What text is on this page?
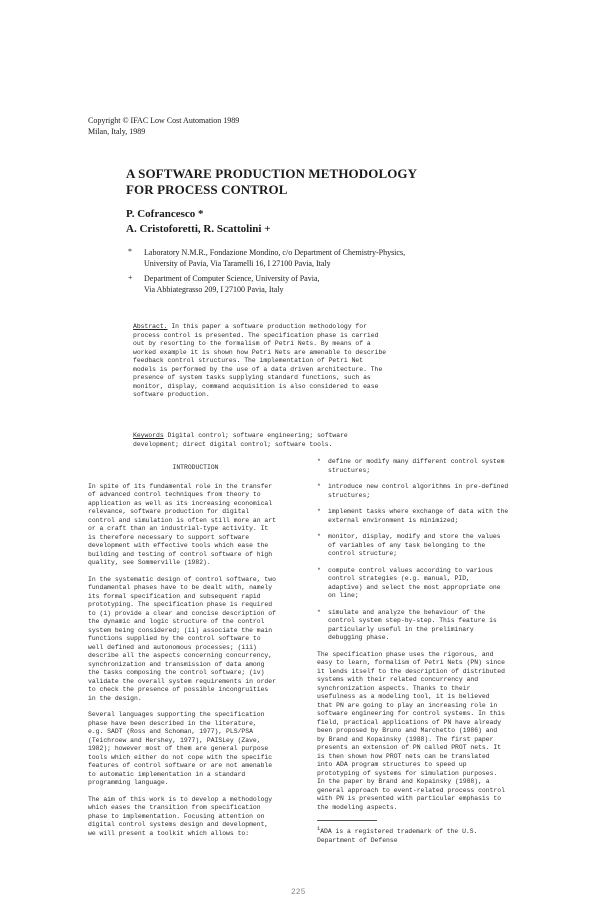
Copyright © IFAC Low Cost Automation 1989
Milan, Italy, 1989
A SOFTWARE PRODUCTION METHODOLOGY
FOR PROCESS CONTROL
P. Cofrancesco *
A. Cristoforetti, R. Scattolini +
* Laboratory N.M.R., Fondazione Mondino, c/o Department of Chemistry-Physics,
University of Pavia, Via Taramelli 16, I 27100 Pavia, Italy
+ Department of Computer Science, University of Pavia,
Via Abbiategrasso 209, I 27100 Pavia, Italy
Abstract. In this paper a software production methodology for
process control is presented. The specification phase is carried
out by resorting to the formalism of Petri Nets. By means of a
worked example it is shown how Petri Nets are amenable to describe
feedback control structures. The implementation of Petri Net
models is performed by the use of a data driven architecture. The
presence of system tasks supplying standard functions, such as
monitor, display, command acquisition is also considered to ease
software production.
Keywords Digital control; software engineering; software
development; direct digital control; software tools.
INTRODUCTION
In spite of its fundamental role in the transfer
of advanced control techniques from theory to
application as well as its increasing economical
relevance, software production for digital
control and simulation is often still more an art
or a craft than an industrial-type activity. It
is therefore necessary to support software
development with effective tools which ease the
building and testing of control software of high
quality, see Sommerville (1982).
In the systematic design of control software, two
fundamental phases have to be dealt with, namely
its formal specification and subsequent rapid
prototyping. The specification phase is required
to (i) provide a clear and concise description of
the dynamic and logic structure of the control
system being considered; (ii) associate the main
functions supplied by the control software to
well defined and autonomous processes; (iii)
describe all the aspects concerning concurrency,
synchronization and transmission of data among
the tasks composing the control software; (iv)
validate the overall system requirements in order
to check the presence of possible incongruities
in the design.
Several languages supporting the specification
phase have been described in the literature,
e.g. SADT (Ross and Schoman, 1977), PLS/PSA
(Teichroew and Hershey, 1977), PAISLey (Zave,
1982); however most of them are general purpose
tools which either do not cope with the specific
features of control software or are not amenable
to automatic implementation in a standard
programming language.
The aim of this work is to develop a methodology
which eases the transition from specification
phase to implementation. Focusing attention on
digital control systems design and development,
we will present a toolkit which allows to:
* define or modify many different control system
structures;
* introduce new control algorithms in pre-defined
structures;
* implement tasks where exchange of data with the
external environment is minimized;
* monitor, display, modify and store the values
of variables of any task belonging to the
control structure;
* compute control values according to various
control strategies (e.g. manual, PID,
adaptive) and select the most appropriate one
on line;
* simulate and analyze the behaviour of the
control system step-by-step. This feature is
particularly useful in the preliminary
debugging phase.
The specification phase uses the rigorous, and
easy to learn, formalism of Petri Nets (PN) since
it lends itself to the description of distributed
systems with their related concurrency and
synchronization aspects. Thanks to their
usefulness as a modeling tool, it is believed
that PN are going to play an increasing role in
software engineering for control systems. In this
field, practical applications of PN have already
been proposed by Bruno and Marchetto (1986) and
by Brand and Kopainsky (1988). The first paper
presents an extension of PN called PROT nets. It
is then shown how PROT nets can be translated
into ADA program structures to speed up
prototyping of systems for simulation purposes.
In the paper by Brand and Kopainsky (1988), a
general approach to event-related process control
with PN is presented with particular emphasis to
the modeling aspects.
$^1$ADA is a registered trademark of the U.S.
Department of Defense
225
